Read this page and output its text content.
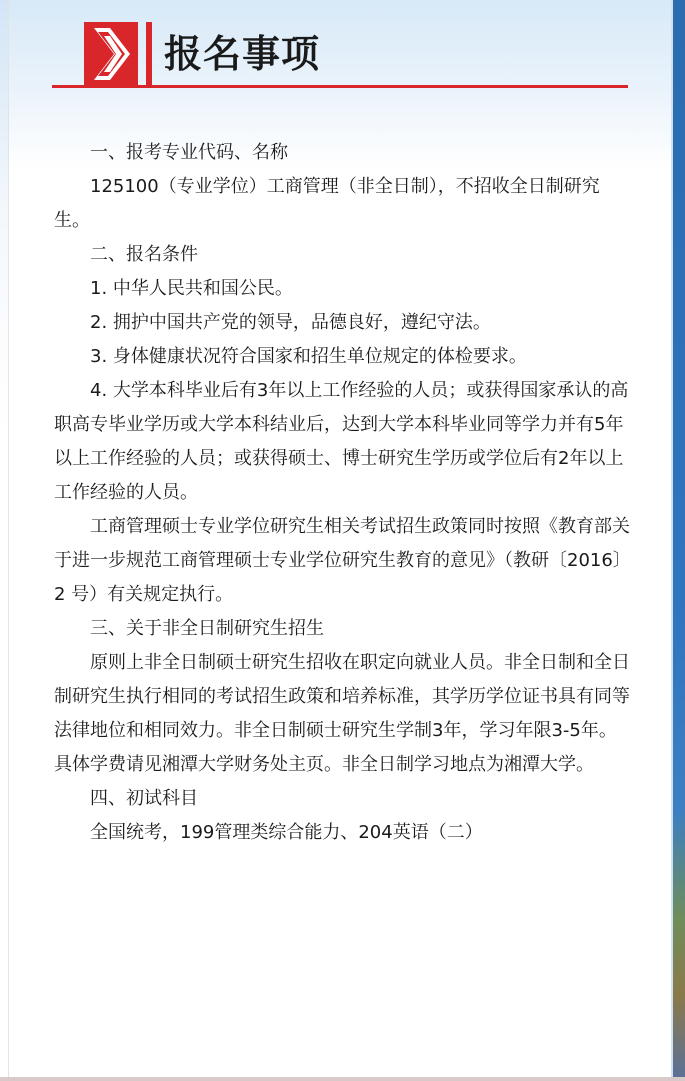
报名事项

一、报考专业代码、名称

125100（专业学位）工商管理（非全日制），不招收全日制研究生。

二、报名条件

1. 中华人民共和国公民。

2. 拥护中国共产党的领导，品德良好，遵纪守法。

3. 身体健康状况符合国家和招生单位规定的体检要求。

4. 大学本科毕业后有3年以上工作经验的人员；或获得国家承认的高职高专毕业学历或大学本科结业后，达到大学本科毕业同等学力并有5年以上工作经验的人员；或获得硕士、博士研究生学历或学位后有2年以上工作经验的人员。

工商管理硕士专业学位研究生相关考试招生政策同时按照《教育部关于进一步规范工商管理硕士专业学位研究生教育的意见》（教研〔2016〕2 号）有关规定执行。

三、关于非全日制研究生招生

原则上非全日制硕士研究生招收在职定向就业人员。非全日制和全日制研究生执行相同的考试招生政策和培养标准，其学历学位证书具有同等法律地位和相同效力。非全日制硕士研究生学制3年，学习年限3-5年。具体学费请见湘潭大学财务处主页。非全日制学习地点为湘潭大学。

四、初试科目

全国统考，199管理类综合能力、204英语（二）
